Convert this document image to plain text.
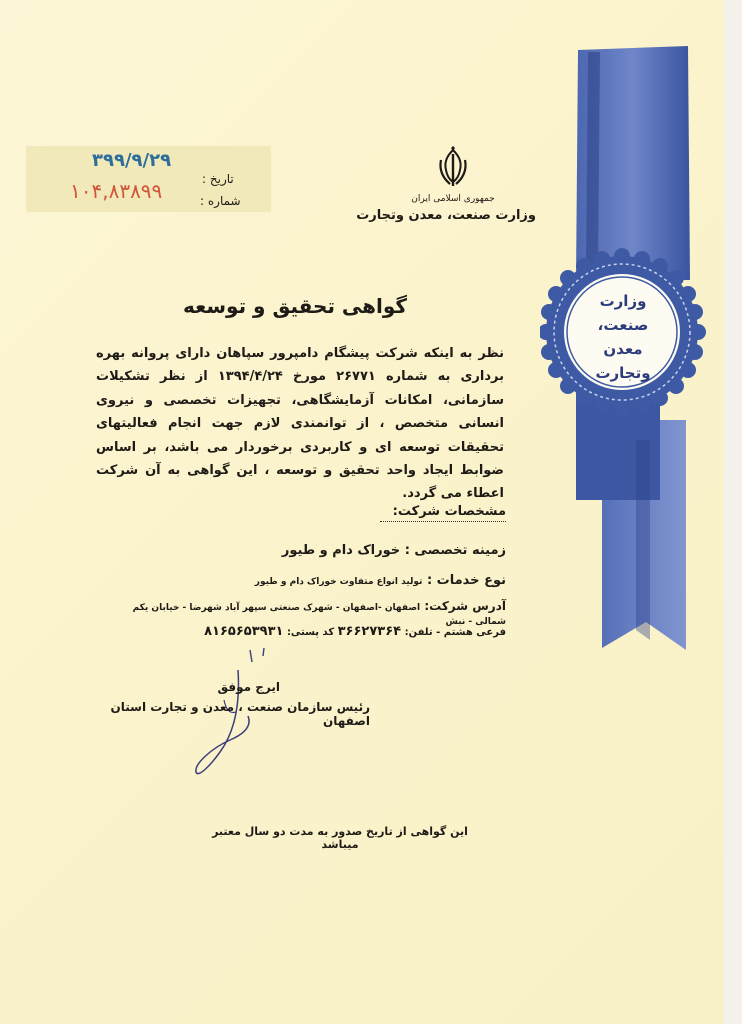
وزارت
صنعت، معدن
وتجارت
۳۹۹/۹/۲۹
۱۰۴,۸۳۸۹۹	تاریخ :
شماره :	جمهوری اسلامی ایران
وزارت صنعت، معدن وتجارت
گواهی تحقیق و توسعه
نظر به اینکه شرکت پیشگام دامپرور سپاهان دارای پروانه بهره برداری به شماره ۲۶۷۷۱ مورخ ۱۳۹۴/۴/۲۴ از نظر تشکیلات سازمانی، امکانات آزمایشگاهی، تجهیزات تخصصی و نیروی انسانی متخصص ، از توانمندی لازم جهت انجام فعالیتهای تحقیقات توسعه ای و کاربردی برخوردار می باشد، بر اساس ضوابط ایجاد واحد تحقیق و توسعه ، این گواهی به آن شرکت اعطاء می گردد.
مشخصات شرکت:
زمینه تخصصی : خوراک دام و طیور
نوع خدمات : تولید انواع متفاوت خوراک دام و طیور
آدرس شرکت: اصفهان -اصفهان - شهرک صنعتی سپهر آباد شهرضا - خیابان یکم شمالی - نبش
فرعی هشتم - تلفن: ۳۶۶۲۷۳۶۴ کد پستی: ۸۱۶۵۶۵۳۹۳۱
ایرج موفق
رئیس سازمان صنعت ، معدن و تجارت استان اصفهان
این گواهی از تاریخ صدور به مدت دو سال معتبر میباشد
